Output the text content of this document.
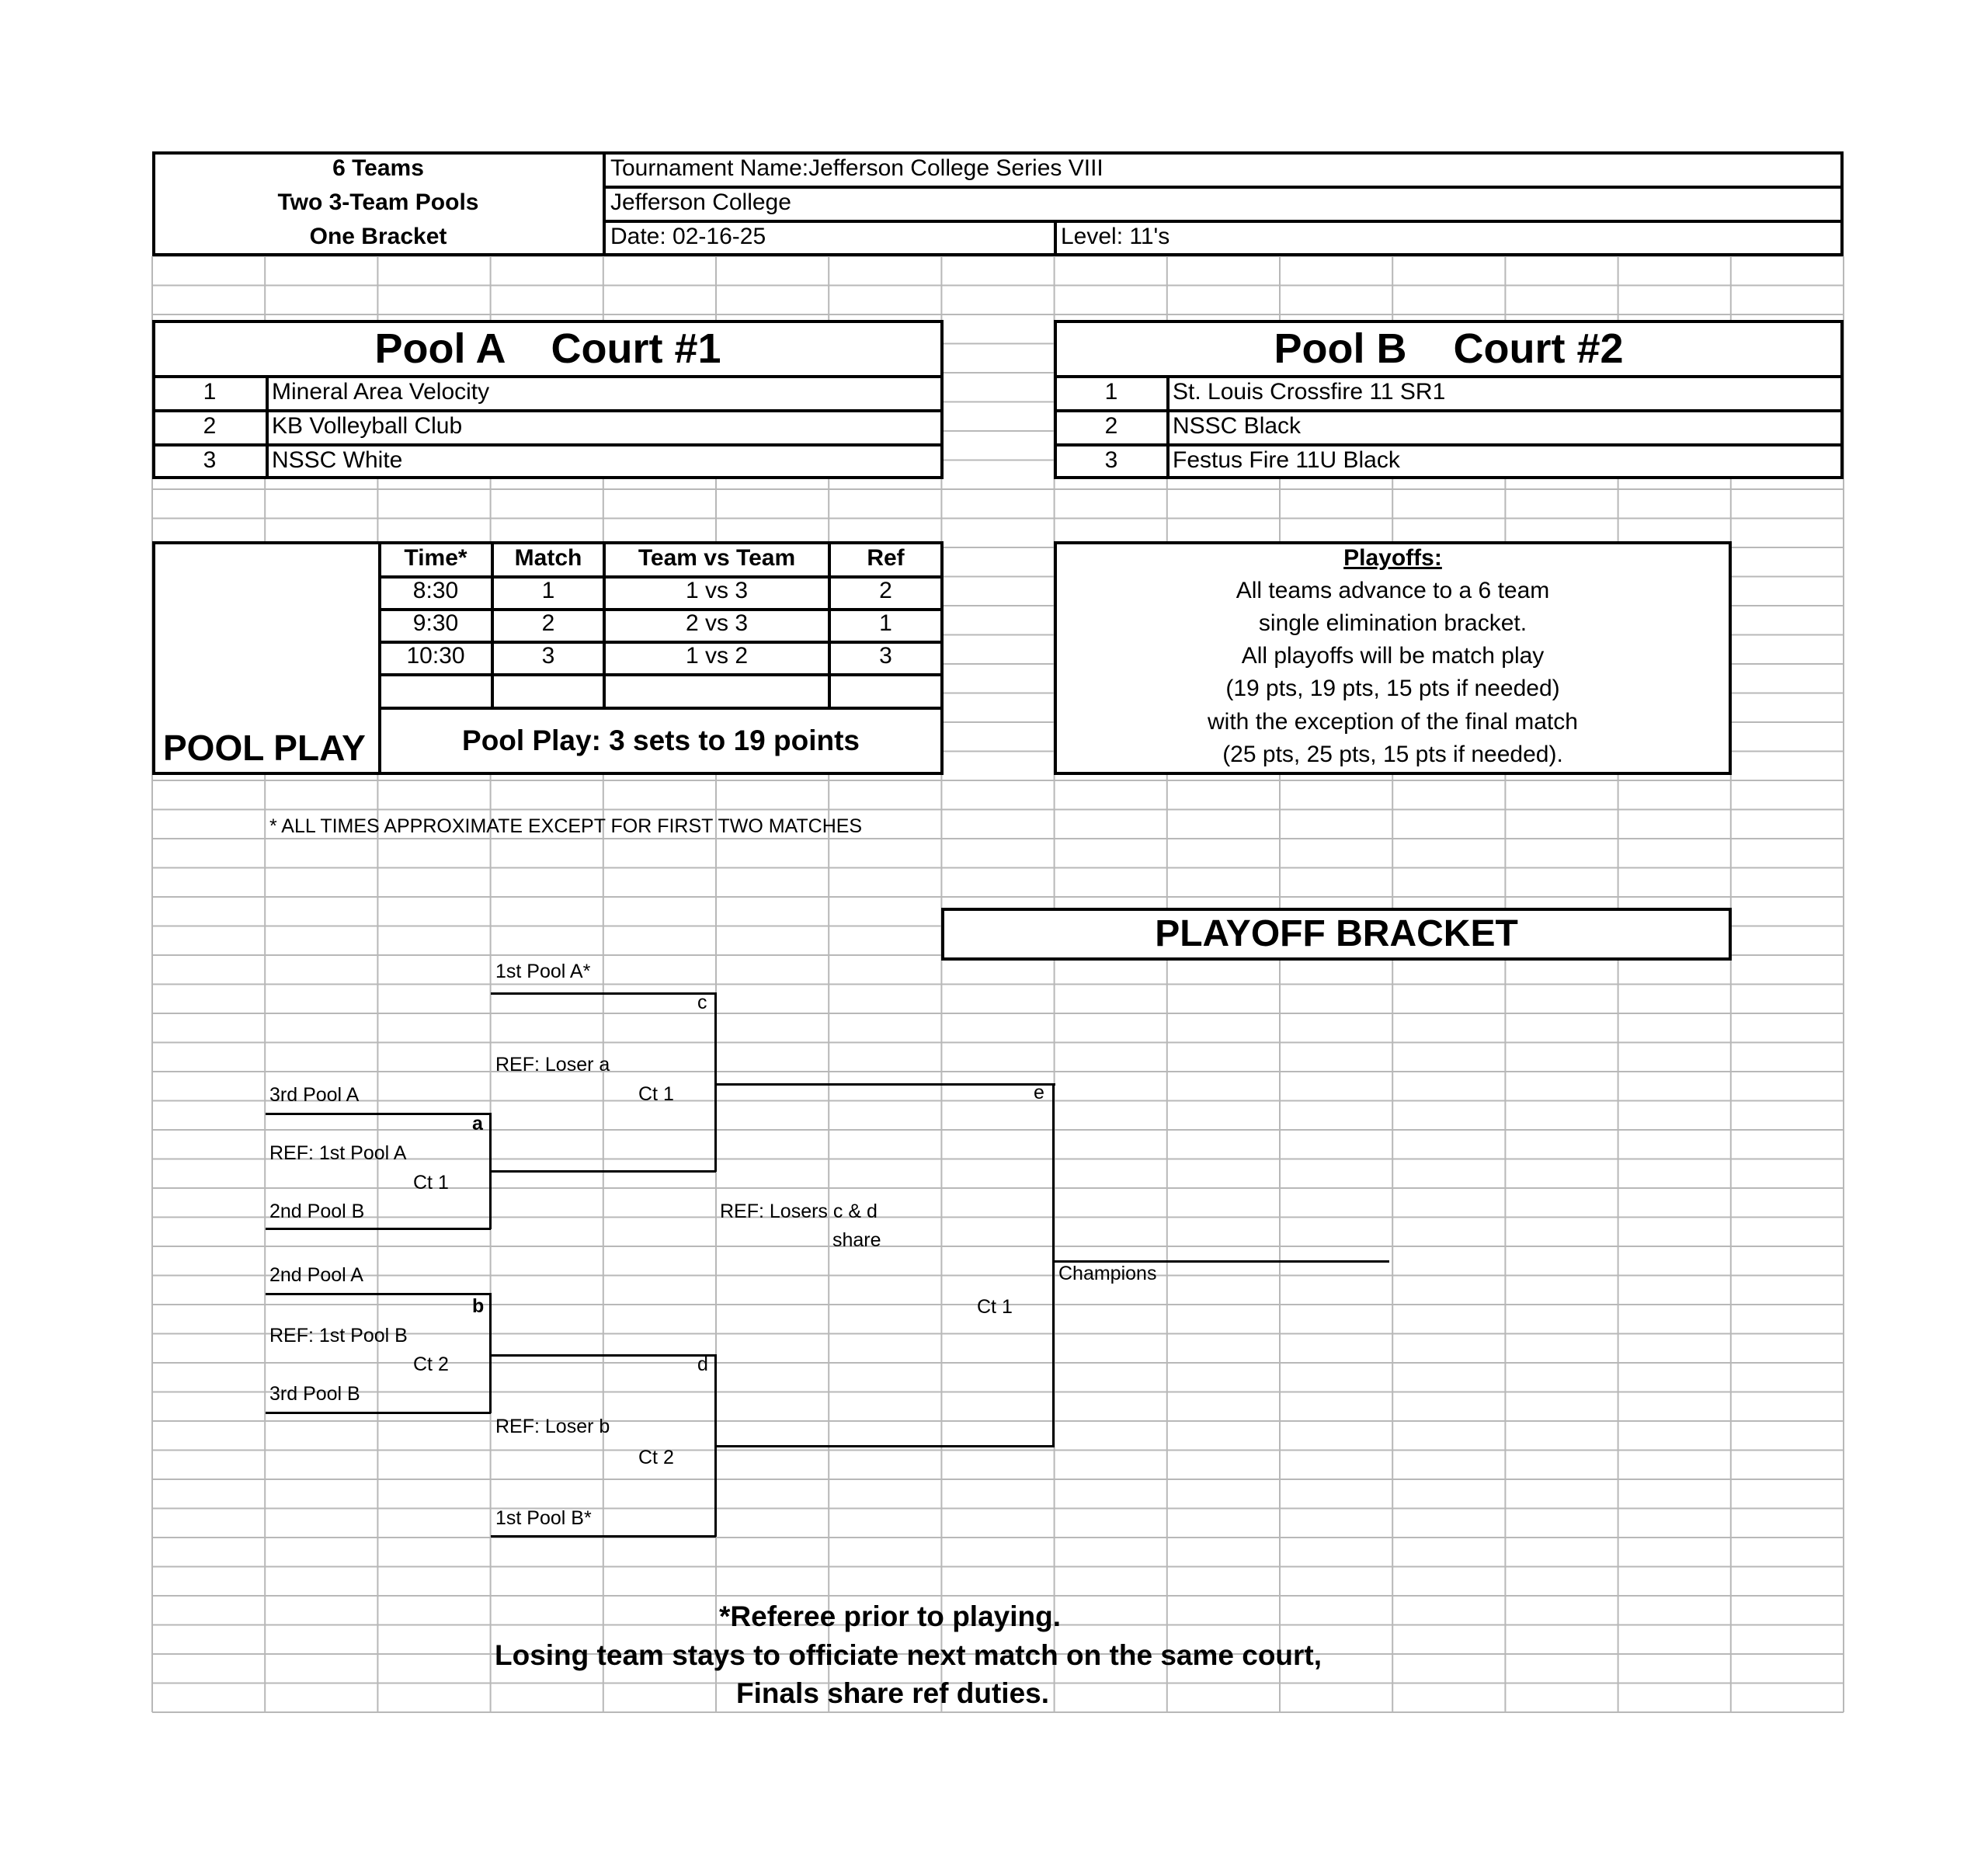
6 Teams
Two 3-Team Pools
One Bracket
Tournament Name:Jefferson College Series VIII
Jefferson College
Date: 02-16-25	Level: 11's
Pool A    Court #1
1	Mineral Area Velocity
2	KB Volleyball Club
3	NSSC White
Pool B    Court #2
1	St. Louis Crossfire 11 SR1
2	NSSC Black
3	Festus Fire 11U Black
Time*	Match	Team vs Team	Ref
8:30	1	1 vs 3	2
9:30	2	2 vs 3	1
10:30	3	1 vs 2	3
POOL PLAY	Pool Play: 3 sets to 19 points
* ALL TIMES APPROXIMATE EXCEPT FOR FIRST TWO MATCHES
Playoffs:
All teams advance to a 6 team
single elimination bracket.
All playoffs will be match play
(19 pts, 19 pts, 15 pts if needed)
with the exception of the final match
(25 pts, 25 pts, 15 pts if needed).
PLAYOFF BRACKET
1st Pool A*
c
REF: Loser a
Ct 1	e
3rd Pool A
a
REF: 1st Pool A
Ct 1
2nd Pool B	REF: Losers c & d
share
2nd Pool A	Champions
b	Ct 1
REF: 1st Pool B
Ct 2	d
3rd Pool B
REF: Loser b
Ct 2
1st Pool B*
*Referee prior to playing.
Losing team stays to officiate next match on the same court,
Finals share ref duties.
